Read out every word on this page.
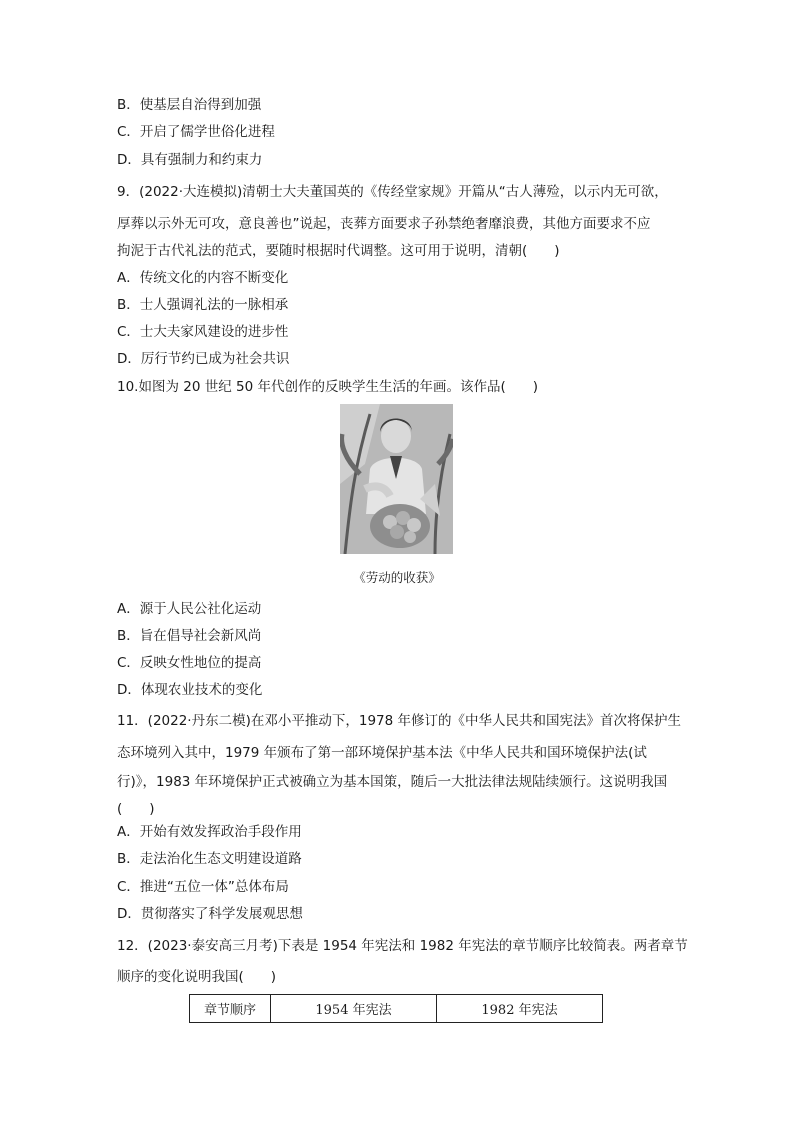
B．使基层自治得到加强
C．开启了儒学世俗化进程
D．具有强制力和约束力
9．(2022·大连模拟)清朝士大夫董国英的《传经堂家规》开篇从“古人薄殓，以示内无可欲，
厚葬以示外无可攻，意良善也”说起，丧葬方面要求子孙禁绝奢靡浪费，其他方面要求不应
拘泥于古代礼法的范式，要随时根据时代调整。这可用于说明，清朝(　　)
A．传统文化的内容不断变化
B．士人强调礼法的一脉相承
C．士大夫家风建设的进步性
D．厉行节约已成为社会共识
10.如图为 20 世纪 50 年代创作的反映学生生活的年画。该作品(　　)
《劳动的收获》
A．源于人民公社化运动
B．旨在倡导社会新风尚
C．反映女性地位的提高
D．体现农业技术的变化
11．(2022·丹东二模)在邓小平推动下，1978 年修订的《中华人民共和国宪法》首次将保护生
态环境列入其中，1979 年颁布了第一部环境保护基本法《中华人民共和国环境保护法(试
行)》，1983 年环境保护正式被确立为基本国策，随后一大批法律法规陆续颁行。这说明我国
(　　)
A．开始有效发挥政治手段作用
B．走法治化生态文明建设道路
C．推进“五位一体”总体布局
D．贯彻落实了科学发展观思想
12．(2023·泰安高三月考)下表是 1954 年宪法和 1982 年宪法的章节顺序比较简表。两者章节
顺序的变化说明我国(　　)
章节顺序	1954 年宪法	1982 年宪法
